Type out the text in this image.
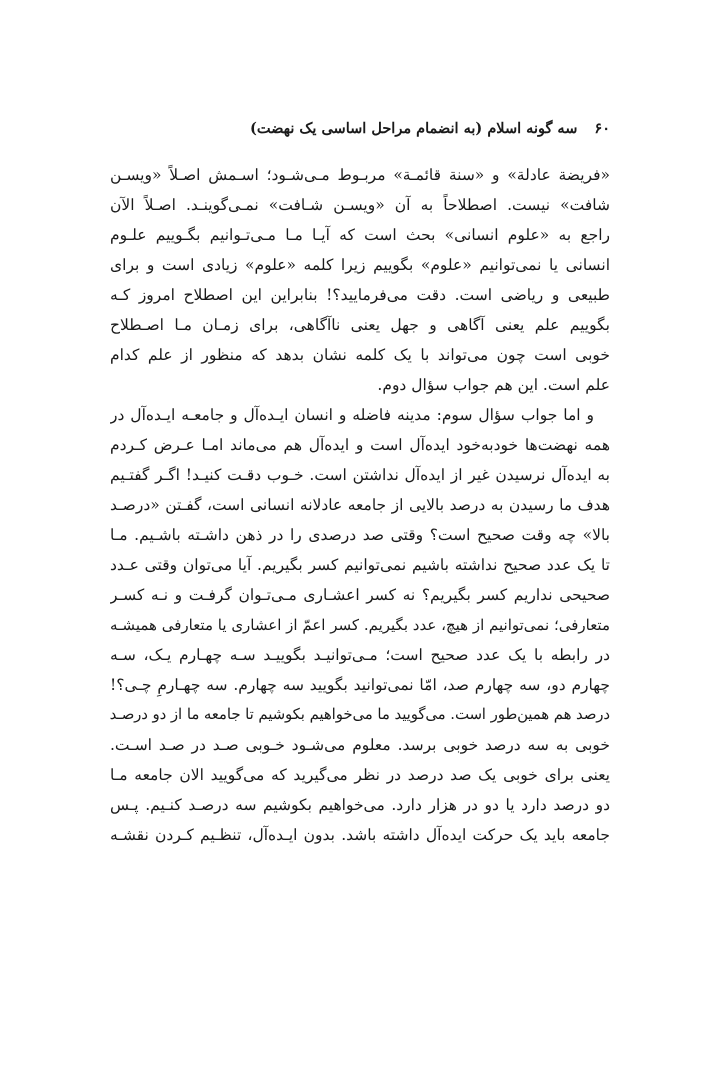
۶۰ سه گونه اسلام (به انضمام مراحل اساسی یک نهضت)
«فریضة عادلة» و «سنة قائمـة» مربـوط مـی‌شـود؛ اسـمش اصـلاً «ویسـن
شافت» نیست. اصطلاحاً به آن «ویسـن شـافت» نمـی‌گوینـد. اصـلاً الآن
راجع به «علوم انسانی» بحث است که آیـا مـا مـی‌تـوانیم بگـوییم علـوم
انسانی یا نمی‌توانیم «علوم» بگوییم زیرا کلمه «علوم» زیادی است و برای
طبیعی و ریاضی است. دقت می‌فرمایید؟! بنابراین این اصطلاح امروز کـه
بگوییم علم یعنی آگاهی و جهل یعنی ناآگاهی، برای زمـان مـا اصـطلاح
خوبی است چون می‌تواند با یک کلمه نشان بدهد که منظور از علم کدام
علم است. این هم جواب سؤال دوم.
و اما جواب سؤال سوم: مدینه فاضله و انسان ایـده‌آل و جامعـه ایـده‌آل در
همه نهضت‌ها خودبه‌خود ایده‌آل است و ایده‌آل هم می‌ماند امـا عـرض کـردم
به ایده‌آل نرسیدن غیر از ایده‌آل نداشتن است. خـوب دقـت کنیـد! اگـر گفتـیم
هدف ما رسیدن به درصد بالایی از جامعه عادلانه انسانی است، گفـتن «درصـد
بالا» چه وقت صحیح است؟ وقتی صد درصدی را در ذهن داشـته باشـیم. مـا
تا یک عدد صحیح نداشته باشیم نمی‌توانیم کسر بگیریم. آیا می‌توان وقتی عـدد
صحیحی نداریم کسر بگیریم؟ نه کسر اعشـاری مـی‌تـوان گرفـت و نـه کسـر
متعارفی؛ نمی‌توانیم از هیچ، عدد بگیریم. کسر اعمّ از اعشاری یا متعارفی همیشـه
در رابطه با یک عدد صحیح است؛ مـی‌توانیـد بگوییـد سـه چهـارم یـک، سـه
چهارم دو، سه چهارم صد، امّا نمی‌توانید بگویید سه چهارم. سه چهـارمِ چـی؟!
درصد هم همین‌طور است. می‌گویید ما می‌خواهیم بکوشیم تا جامعه ما از دو درصـد
خوبی به سه درصد خوبی برسد. معلوم می‌شـود خـوبی صـد در صـد اسـت.
یعنی برای خوبی یک صد درصد در نظر می‌گیرید که می‌گویید الان جامعه مـا
دو درصد دارد یا دو در هزار دارد. می‌خواهیم بکوشیم سه درصـد کنـیم. پـس
جامعه باید یک حرکت ایده‌آل داشته باشد. بدون ایـده‌آل، تنظـیم کـردن نقشـه
